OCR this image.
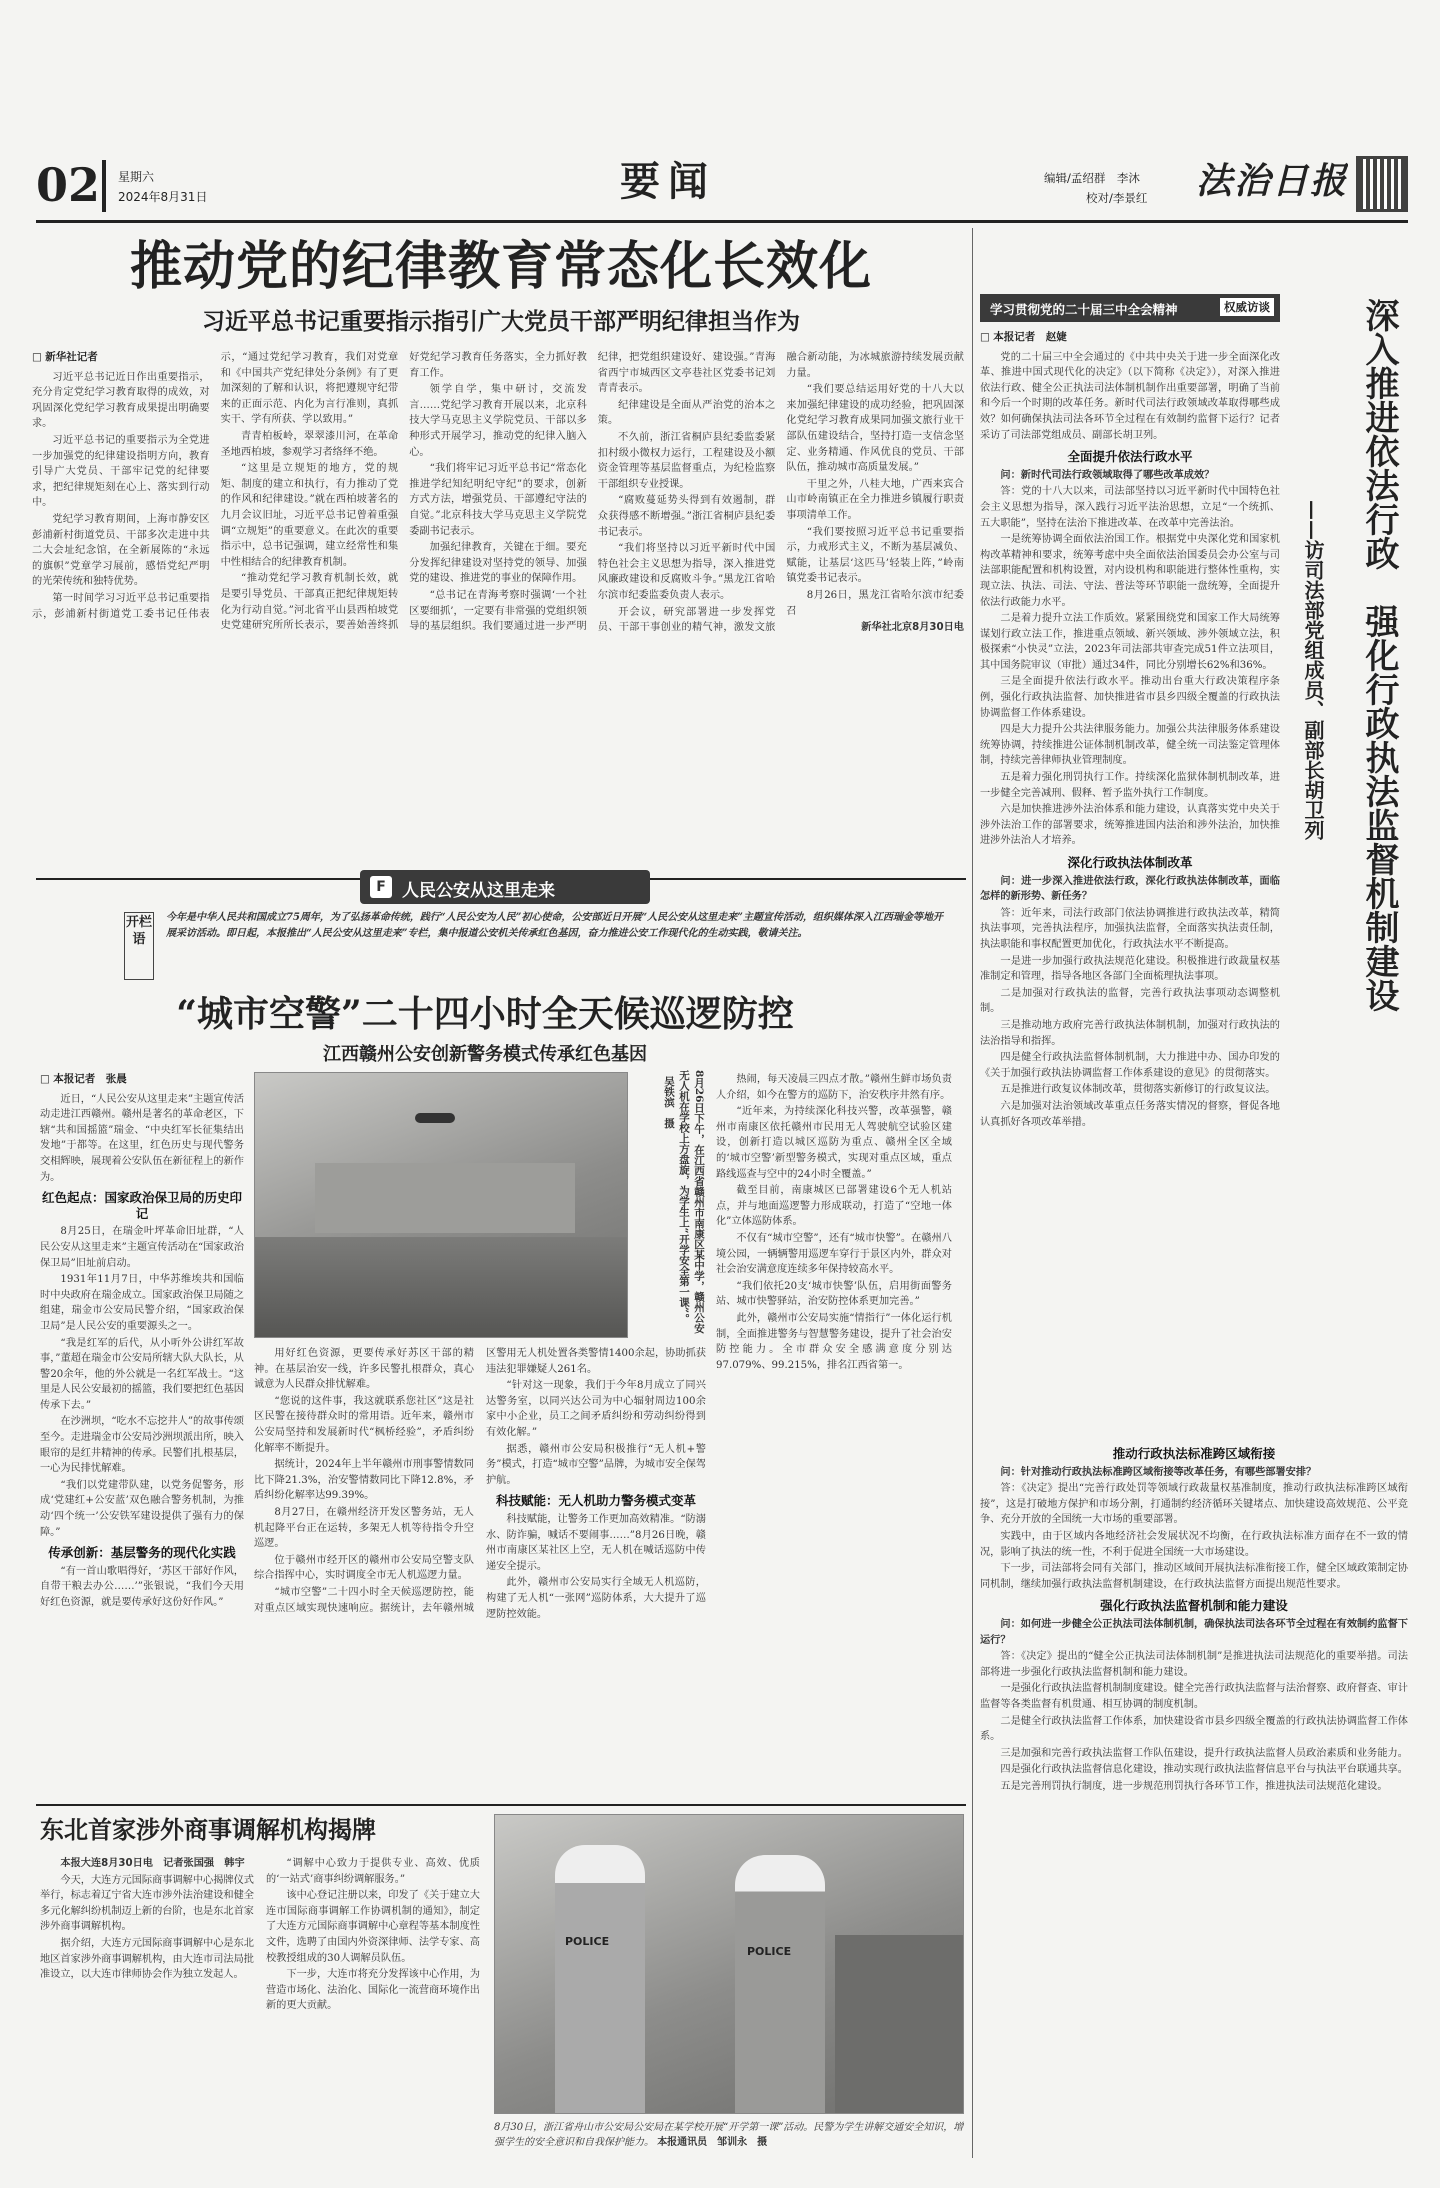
02 星期六
2024年8月31日	要闻	编辑/孟绍群　李沐
校对/李景红 法治日报
推动党的纪律教育常态化长效化
习近平总书记重要指示指引广大党员干部严明纪律担当作为
□ 新华社记者

习近平总书记近日作出重要指示，充分肯定党纪学习教育取得的成效，对巩固深化党纪学习教育成果提出明确要求。

习近平总书记的重要指示为全党进一步加强党的纪律建设指明方向，教育引导广大党员、干部牢记党的纪律要求，把纪律规矩刻在心上、落实到行动中。

党纪学习教育期间，上海市静安区彭浦新村街道党员、干部多次走进中共二大会址纪念馆，在全新展陈的“永远的旗帜”党章学习展前，感悟党纪严明的光荣传统和独特优势。

第一时间学习习近平总书记重要指示，彭浦新村街道党工委书记任伟表示，“通过党纪学习教育，我们对党章和《中国共产党纪律处分条例》有了更加深刻的了解和认识，将把遵规守纪带来的正面示范、内化为言行准则，真抓实干、学有所获、学以致用。”

青青柏板岭，翠翠漆川河，在革命圣地西柏坡，参观学习者络绎不绝。

“这里是立规矩的地方，党的规矩、制度的建立和执行，有力推动了党的作风和纪律建设。”就在西柏坡著名的九月会议旧址，习近平总书记曾着重强调“立规矩”的重要意义。在此次的重要指示中，总书记强调，建立经常性和集中性相结合的纪律教育机制。

“推动党纪学习教育机制长效，就是要引导党员、干部真正把纪律规矩转化为行动自觉。”河北省平山县西柏坡党史党建研究所所长表示，要善始善终抓好党纪学习教育任务落实，全力抓好教育工作。

领学自学，集中研讨，交流发言……党纪学习教育开展以来，北京科技大学马克思主义学院党员、干部以多种形式开展学习，推动党的纪律入脑入心。

“我们将牢记习近平总书记“常态化推进学纪知纪明纪守纪”的要求，创新方式方法，增强党员、干部遵纪守法的自觉。”北京科技大学马克思主义学院党委副书记表示。

加强纪律教育，关键在于细。要充分发挥纪律建设对坚持党的领导、加强党的建设、推进党的事业的保障作用。

“总书记在青海考察时强调‘一个社区要细抓’，一定要有非常强的党组织领导的基层组织。我们要通过进一步严明纪律，把党组织建设好、建设强。”青海省西宁市城西区文亭巷社区党委书记刘青青表示。

纪律建设是全面从严治党的治本之策。

不久前，浙江省桐庐县纪委监委紧扣村级小微权力运行，工程建设及小额资金管理等基层监督重点，为纪检监察干部组织专业授课。

“腐败蔓延势头得到有效遏制，群众获得感不断增强。”浙江省桐庐县纪委书记表示。

“我们将坚持以习近平新时代中国特色社会主义思想为指导，深入推进党风廉政建设和反腐败斗争。”黑龙江省哈尔滨市纪委监委负责人表示。

开会议，研究部署进一步发挥党员、干部干事创业的精气神，激发文旅融合新动能，为冰城旅游持续发展贡献力量。

“我们要总结运用好党的十八大以来加强纪律建设的成功经验，把巩固深化党纪学习教育成果同加强文旅行业干部队伍建设结合，坚持打造一支信念坚定、业务精通、作风优良的党员、干部队伍，推动城市高质量发展。”

干里之外，八桂大地，广西来宾合山市岭南镇正在全力推进乡镇履行职责事项清单工作。

“我们要按照习近平总书记重要指示，力戒形式主义，不断为基层减负、赋能，让基层‘这匹马’轻装上阵，”岭南镇党委书记表示。

8月26日，黑龙江省哈尔滨市纪委召

新华社北京8月30日电

F 人民公安从这里走来
开栏语
今年是中华人民共和国成立75周年，为了弘扬革命传统，践行“人民公安为人民”初心使命，公安部近日开展“人民公安从这里走来”主题宣传活动，组织媒体深入江西瑞金等地开展采访活动。即日起，本报推出“人民公安从这里走来”专栏，集中报道公安机关传承红色基因，奋力推进公安工作现代化的生动实践，敬请关注。
“城市空警”二十四小时全天候巡逻防控
江西赣州公安创新警务模式传承红色基因
8月26日下午，在江西省赣州市南康区某中学，赣州公安无人机在学校上方盘旋，为学生上“开学安全第一课”。
吴铁滨　摄
□ 本报记者　张晨

近日，“人民公安从这里走来”主题宣传活动走进江西赣州。赣州是著名的革命老区，下辖“共和国摇篮”瑞金、“中央红军长征集结出发地”于都等。在这里，红色历史与现代警务交相辉映，展现着公安队伍在新征程上的新作为。

红色起点：国家政治保卫局的历史印记

8月25日，在瑞金叶坪革命旧址群，“人民公安从这里走来”主题宣传活动在“国家政治保卫局”旧址前启动。

1931年11月7日，中华苏维埃共和国临时中央政府在瑞金成立。国家政治保卫局随之组建，瑞金市公安局民警介绍，“国家政治保卫局”是人民公安的重要源头之一。

“我是红军的后代，从小听外公讲红军故事，”董超在瑞金市公安局所辖大队大队长，从警20余年，他的外公就是一名红军战士。“这里是人民公安最初的摇篮，我们要把红色基因传承下去。”

在沙洲坝，“吃水不忘挖井人”的故事传颂至今。走进瑞金市公安局沙洲坝派出所，映入眼帘的是红井精神的传承。民警们扎根基层，一心为民排忧解难。

“我们以党建带队建，以党务促警务，形成‘党建红+公安蓝’双色融合警务机制，为推动‘四个统一’公安铁军建设提供了强有力的保障。”

传承创新：基层警务的现代化实践

“有一首山歌唱得好，‘苏区干部好作风，自带干粮去办公……’”张银说，“我们今天用好红色资源，就是要传承好这份好作风。”

用好红色资源，更要传承好苏区干部的精神。在基层治安一线，许多民警扎根群众，真心诚意为人民群众排忧解难。

“您说的这件事，我这就联系您社区”这是社区民警在接待群众时的常用语。近年来，赣州市公安局坚持和发展新时代“枫桥经验”，矛盾纠纷化解率不断提升。

据统计，2024年上半年赣州市刑事警情数同比下降21.3%，治安警情数同比下降12.8%，矛盾纠纷化解率达99.39%。

8月27日，在赣州经济开发区警务站，无人机起降平台正在运转，多架无人机等待指令升空巡逻。

位于赣州市经开区的赣州市公安局空警支队综合指挥中心，实时调度全市无人机巡逻力量。

“城市空警”二十四小时全天候巡逻防控，能对重点区域实现快速响应。据统计，去年赣州城区警用无人机处置各类警情1400余起，协助抓获违法犯罪嫌疑人261名。

“针对这一现象，我们于今年8月成立了同兴达警务室，以同兴达公司为中心辐射周边100余家中小企业，员工之间矛盾纠纷和劳动纠纷得到有效化解。”

据悉，赣州市公安局积极推行“无人机+警务”模式，打造“城市空警”品牌，为城市安全保驾护航。

科技赋能：无人机助力警务模式变革

科技赋能，让警务工作更加高效精准。“防溺水、防诈骗，喊话不要闹事……”8月26日晚，赣州市南康区某社区上空，无人机在喊话巡防中传递安全提示。

此外，赣州市公安局实行全域无人机巡防，构建了无人机“一张网”巡防体系，大大提升了巡逻防控效能。

热闹，每天凌晨三四点才散。”赣州生鲜市场负责人介绍，如今在警方的巡防下，治安秩序井然有序。

“近年来，为持续深化科技兴警，改革强警，赣州市南康区依托赣州市民用无人驾驶航空试验区建设，创新打造以城区巡防为重点、赣州全区全域的‘城市空警’新型警务模式，实现对重点区域，重点路线巡查与空中的24小时全覆盖。”

截至目前，南康城区已部署建设6个无人机站点，并与地面巡逻警力形成联动，打造了“空地一体化”立体巡防体系。

不仅有“城市空警”，还有“城市快警”。在赣州八境公园，一辆辆警用巡逻车穿行于景区内外，群众对社会治安满意度连续多年保持较高水平。

“我们依托20支‘城市快警’队伍，启用街面警务站、城市快警驿站，治安防控体系更加完善。”

此外，赣州市公安局实施“情指行”一体化运行机制，全面推进警务与智慧警务建设，提升了社会治安防控能力。全市群众安全感满意度分别达97.079%、99.215%，排名江西省第一。

东北首家涉外商事调解机构揭牌

本报大连8月30日电　记者张国强　韩宇

今天，大连方元国际商事调解中心揭牌仪式举行，标志着辽宁省大连市涉外法治建设和健全多元化解纠纷机制迈上新的台阶，也是东北首家涉外商事调解机构。

据介绍，大连方元国际商事调解中心是东北地区首家涉外商事调解机构，由大连市司法局批准设立，以大连市律师协会作为独立发起人。

“调解中心致力于提供专业、高效、优质的‘一站式’商事纠纷调解服务。”

该中心登记注册以来，印发了《关于建立大连市国际商事调解工作协调机制的通知》，制定了大连方元国际商事调解中心章程等基本制度性文件，选聘了由国内外资深律师、法学专家、高校教授组成的30人调解员队伍。

下一步，大连市将充分发挥该中心作用，为营造市场化、法治化、国际化一流营商环境作出新的更大贡献。

POLICE
POLICE
8月30日，浙江省舟山市公安局公安局在某学校开展“开学第一课”活动。民警为学生讲解交通安全知识，增强学生的安全意识和自我保护能力。 本报通讯员　邹训永　摄
学习贯彻党的二十届三中全会精神	权威访谈	深入推进依法行政　强化行政执法监督机制建设
——访司法部党组成员、副部长胡卫列
□ 本报记者　赵婕

党的二十届三中全会通过的《中共中央关于进一步全面深化改革、推进中国式现代化的决定》（以下简称《决定》），对深入推进依法行政、健全公正执法司法体制机制作出重要部署，明确了当前和今后一个时期的改革任务。新时代司法行政领域改革取得哪些成效？如何确保执法司法各环节全过程在有效制约监督下运行？记者采访了司法部党组成员、副部长胡卫列。

全面提升依法行政水平

问：新时代司法行政领域取得了哪些改革成效？

答：党的十八大以来，司法部坚持以习近平新时代中国特色社会主义思想为指导，深入践行习近平法治思想，立足“一个统抓、五大职能”，坚持在法治下推进改革、在改革中完善法治。

一是统筹协调全面依法治国工作。根据党中央深化党和国家机构改革精神和要求，统筹考虑中央全面依法治国委员会办公室与司法部职能配置和机构设置，对内设机构和职能进行整体性重构，实现立法、执法、司法、守法、普法等环节职能一盘统筹，全面提升依法行政能力水平。

二是着力提升立法工作质效。紧紧围绕党和国家工作大局统筹谋划行政立法工作，推进重点领域、新兴领域、涉外领域立法，积极探索“小快灵”立法，2023年司法部共审查完成51件立法项目，其中国务院审议（审批）通过34件，同比分别增长62%和36%。

三是全面提升依法行政水平。推动出台重大行政决策程序条例，强化行政执法监督、加快推进省市县乡四级全覆盖的行政执法协调监督工作体系建设。

四是大力提升公共法律服务能力。加强公共法律服务体系建设统筹协调，持续推进公证体制机制改革，健全统一司法鉴定管理体制，持续完善律师执业管理制度。

五是着力强化刑罚执行工作。持续深化监狱体制机制改革，进一步健全完善减刑、假释、暂予监外执行工作制度。

六是加快推进涉外法治体系和能力建设，认真落实党中央关于涉外法治工作的部署要求，统筹推进国内法治和涉外法治，加快推进涉外法治人才培养。

深化行政执法体制改革

问：进一步深入推进依法行政，深化行政执法体制改革，面临怎样的新形势、新任务？

答：近年来，司法行政部门依法协调推进行政执法改革，精简执法事项，完善执法程序，加强执法监督，全面落实执法责任制，执法职能和事权配置更加优化，行政执法水平不断提高。

一是进一步加强行政执法规范化建设。积极推进行政裁量权基准制定和管理，指导各地区各部门全面梳理执法事项。

二是加强对行政执法的监督，完善行政执法事项动态调整机制。

三是推动地方政府完善行政执法体制机制，加强对行政执法的法治指导和指挥。

四是健全行政执法监督体制机制，大力推进中办、国办印发的《关于加强行政执法协调监督工作体系建设的意见》的贯彻落实。

五是推进行政复议体制改革，贯彻落实新修订的行政复议法。

六是加强对法治领域改革重点任务落实情况的督察，督促各地认真抓好各项改革举措。

推动行政执法标准跨区域衔接

问：针对推动行政执法标准跨区域衔接等改革任务，有哪些部署安排？

答：《决定》提出“完善行政处罚等领域行政裁量权基准制度，推动行政执法标准跨区域衔接”，这是打破地方保护和市场分割，打通制约经济循环关键堵点、加快建设高效规范、公平竞争、充分开放的全国统一大市场的重要部署。

实践中，由于区域内各地经济社会发展状况不均衡，在行政执法标准方面存在不一致的情况，影响了执法的统一性，不利于促进全国统一大市场建设。

下一步，司法部将会同有关部门，推动区域间开展执法标准衔接工作，健全区域政策制定协同机制，继续加强行政执法监督机制建设，在行政执法监督方面提出规范性要求。

强化行政执法监督机制和能力建设

问：如何进一步健全公正执法司法体制机制，确保执法司法各环节全过程在有效制约监督下运行？

答：《决定》提出的“健全公正执法司法体制机制”是推进执法司法规范化的重要举措。司法部将进一步强化行政执法监督机制和能力建设。

一是强化行政执法监督机制制度建设。健全完善行政执法监督与法治督察、政府督查、审计监督等各类监督有机贯通、相互协调的制度机制。

二是健全行政执法监督工作体系，加快建设省市县乡四级全覆盖的行政执法协调监督工作体系。

三是加强和完善行政执法监督工作队伍建设，提升行政执法监督人员政治素质和业务能力。

四是强化行政执法监督信息化建设，推动实现行政执法监督信息平台与执法平台联通共享。

五是完善刑罚执行制度，进一步规范刑罚执行各环节工作，推进执法司法规范化建设。
